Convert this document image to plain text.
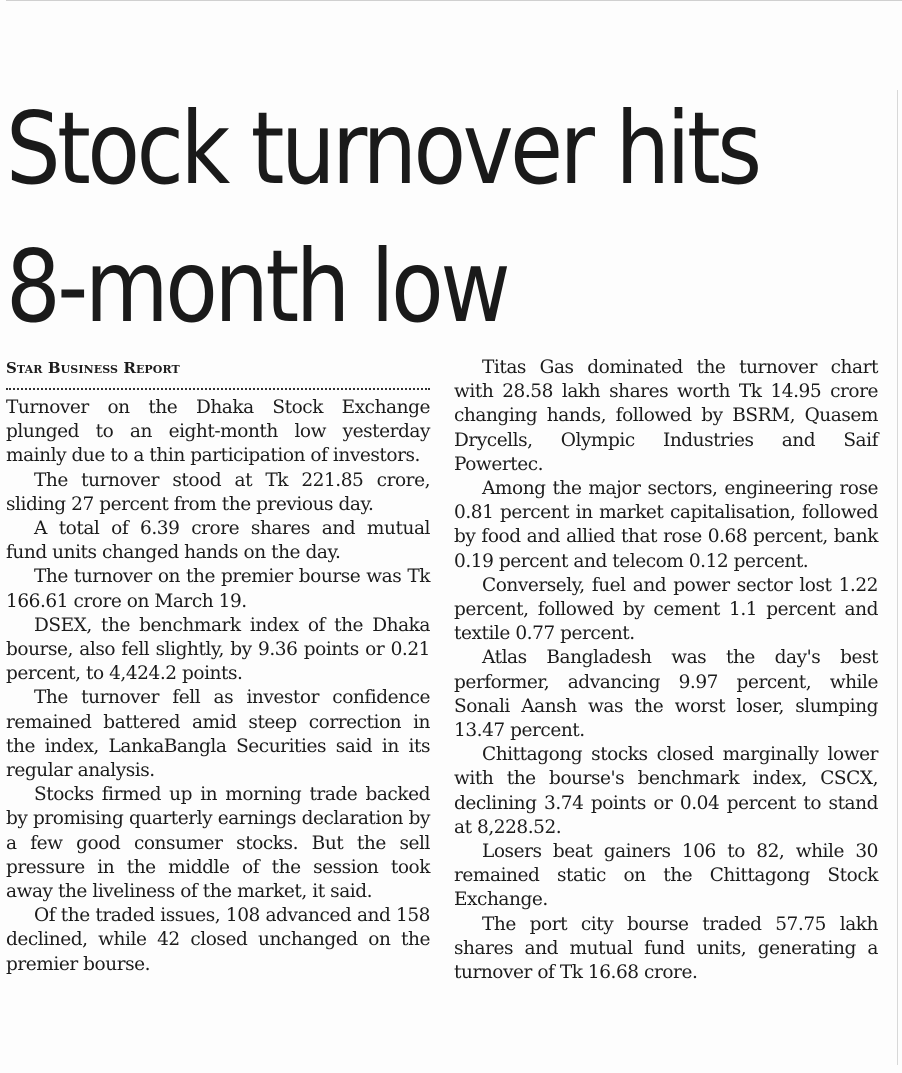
Stock turnover hits
8-month low
Star Business Report

Turnover on the Dhaka Stock Exchange plunged to an eight-month low yesterday mainly due to a thin participation of investors.

The turnover stood at Tk 221.85 crore, sliding 27 percent from the previous day.

A total of 6.39 crore shares and mutual fund units changed hands on the day.

The turnover on the premier bourse was Tk 166.61 crore on March 19.

DSEX, the benchmark index of the Dhaka bourse, also fell slightly, by 9.36 points or 0.21 percent, to 4,424.2 points.

The turnover fell as investor confidence remained battered amid steep correction in the index, LankaBangla Securities said in its regular analysis.

Stocks firmed up in morning trade backed by promising quarterly earnings declaration by a few good consumer stocks. But the sell pressure in the middle of the session took away the liveliness of the market, it said.

Of the traded issues, 108 advanced and 158 declined, while 42 closed unchanged on the premier bourse.

Titas Gas dominated the turnover chart with 28.58 lakh shares worth Tk 14.95 crore changing hands, followed by BSRM, Quasem Drycells, Olympic Industries and Saif Powertec.

Among the major sectors, engineering rose 0.81 percent in market capitalisation, followed by food and allied that rose 0.68 percent, bank 0.19 percent and telecom 0.12 percent.

Conversely, fuel and power sector lost 1.22 percent, followed by cement 1.1 percent and textile 0.77 percent.

Atlas Bangladesh was the day's best performer, advancing 9.97 percent, while Sonali Aansh was the worst loser, slumping 13.47 percent.

Chittagong stocks closed marginally lower with the bourse's benchmark index, CSCX, declining 3.74 points or 0.04 percent to stand at 8,228.52.

Losers beat gainers 106 to 82, while 30 remained static on the Chittagong Stock Exchange.

The port city bourse traded 57.75 lakh shares and mutual fund units, generating a turnover of Tk 16.68 crore.
